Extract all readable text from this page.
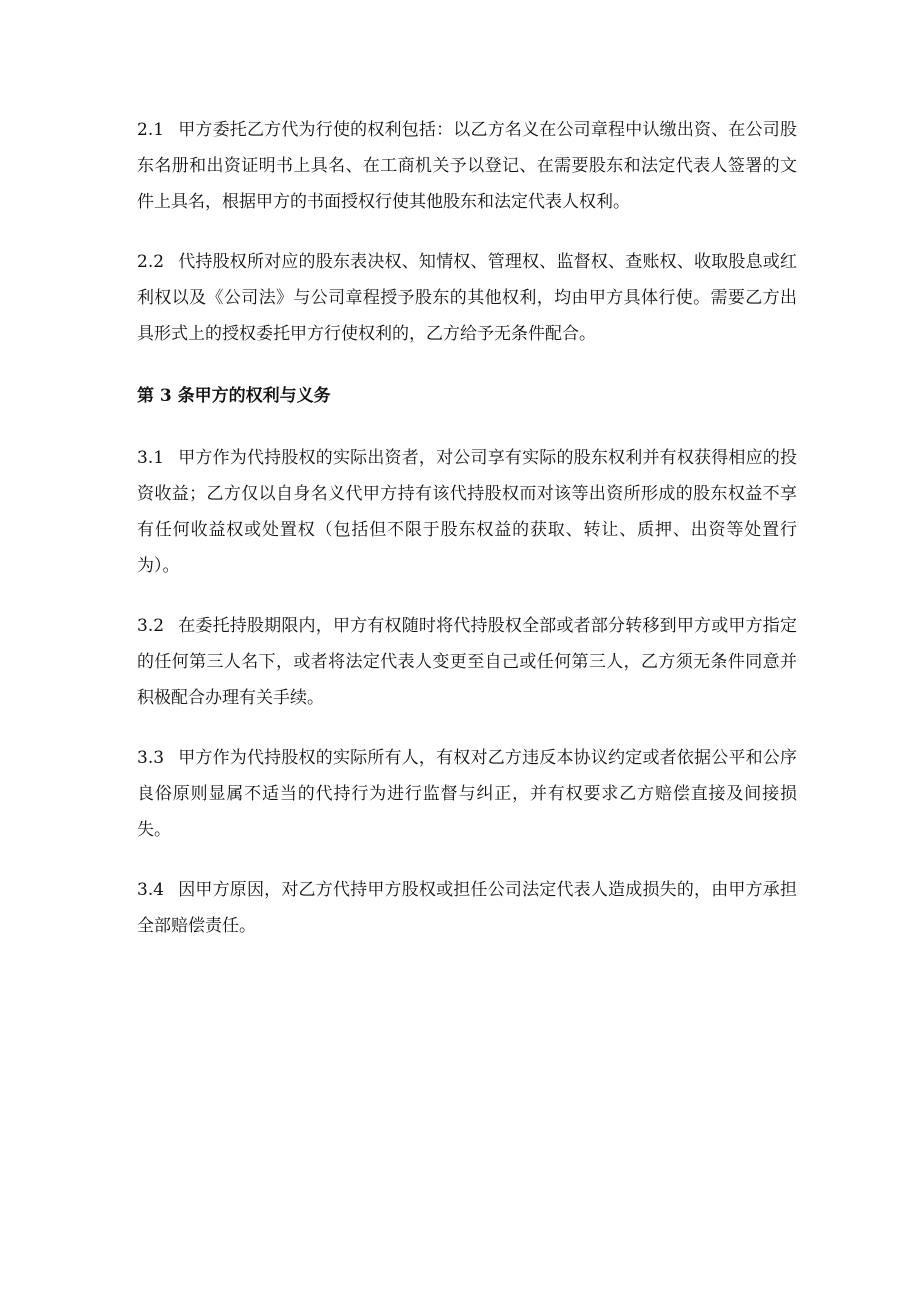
2.1 甲方委托乙方代为行使的权利包括：以乙方名义在公司章程中认缴出资、在公司股东名册和出资证明书上具名、在工商机关予以登记、在需要股东和法定代表人签署的文件上具名，根据甲方的书面授权行使其他股东和法定代表人权利。

2.2 代持股权所对应的股东表决权、知情权、管理权、监督权、查账权、收取股息或红利权以及《公司法》与公司章程授予股东的其他权利，均由甲方具体行使。需要乙方出具形式上的授权委托甲方行使权利的，乙方给予无条件配合。

第 3 条甲方的权利与义务

3.1 甲方作为代持股权的实际出资者，对公司享有实际的股东权利并有权获得相应的投资收益；乙方仅以自身名义代甲方持有该代持股权而对该等出资所形成的股东权益不享有任何收益权或处置权（包括但不限于股东权益的获取、转让、质押、出资等处置行为）。

3.2 在委托持股期限内，甲方有权随时将代持股权全部或者部分转移到甲方或甲方指定的任何第三人名下，或者将法定代表人变更至自己或任何第三人，乙方须无条件同意并积极配合办理有关手续。

3.3 甲方作为代持股权的实际所有人，有权对乙方违反本协议约定或者依据公平和公序良俗原则显属不适当的代持行为进行监督与纠正，并有权要求乙方赔偿直接及间接损失。

3.4 因甲方原因，对乙方代持甲方股权或担任公司法定代表人造成损失的，由甲方承担全部赔偿责任。
